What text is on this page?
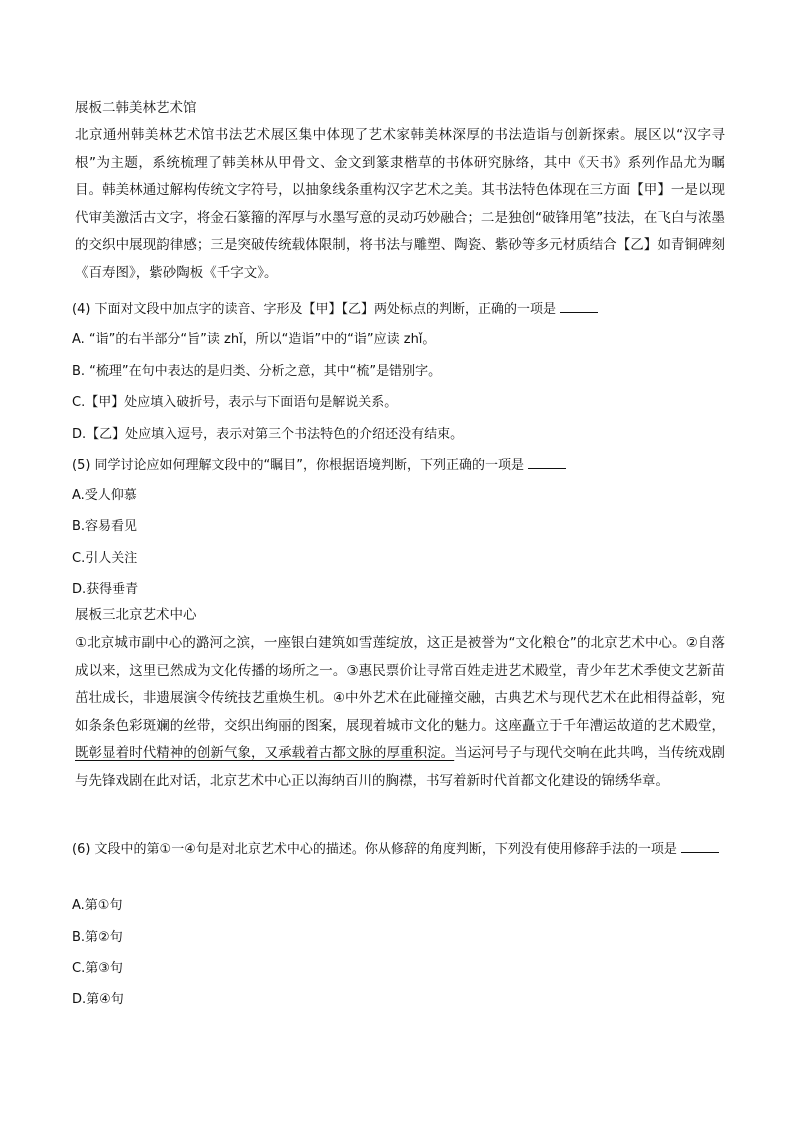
展板二韩美林艺术馆
北京通州韩美林艺术馆书法艺术展区集中体现了艺术家韩美林深厚的书法造诣与创新探索。展区以“汉字寻根”为主题，系统梳理了韩美林从甲骨文、金文到篆隶楷草的书体研究脉络，其中《天书》系列作品尤为瞩目。韩美林通过解构传统文字符号，以抽象线条重构汉字艺术之美。其书法特色体现在三方面【甲】一是以现代审美激活古文字，将金石篆籀的浑厚与水墨写意的灵动巧妙融合；二是独创“破锋用笔”技法，在飞白与浓墨的交织中展现韵律感；三是突破传统载体限制，将书法与雕塑、陶瓷、紫砂等多元材质结合【乙】如青铜碑刻《百寿图》，紫砂陶板《千字文》。
(4) 下面对文段中加点字的读音、字形及【甲】【乙】两处标点的判断，正确的一项是
A. “诣”的右半部分“旨”读 zhǐ，所以“造诣”中的“诣”应读 zhǐ。
B. “梳理”在句中表达的是归类、分析之意，其中“梳”是错别字。
C.【甲】处应填入破折号，表示与下面语句是解说关系。
D.【乙】处应填入逗号，表示对第三个书法特色的介绍还没有结束。
(5) 同学讨论应如何理解文段中的“瞩目”，你根据语境判断，下列正确的一项是
A.受人仰慕
B.容易看见
C.引人关注
D.获得垂青
展板三北京艺术中心
①北京城市副中心的潞河之滨，一座银白建筑如雪莲绽放，这正是被誉为“文化粮仓”的北京艺术中心。②自落成以来，这里已然成为文化传播的场所之一。③惠民票价让寻常百姓走进艺术殿堂，青少年艺术季使文艺新苗茁壮成长，非遗展演令传统技艺重焕生机。④中外艺术在此碰撞交融，古典艺术与现代艺术在此相得益彰，宛如条条色彩斑斓的丝带，交织出绚丽的图案，展现着城市文化的魅力。这座矗立于千年漕运故道的艺术殿堂，既彰显着时代精神的创新气象，又承载着古都文脉的厚重积淀。当运河号子与现代交响在此共鸣，当传统戏剧与先锋戏剧在此对话，北京艺术中心正以海纳百川的胸襟，书写着新时代首都文化建设的锦绣华章。
(6) 文段中的第①一④句是对北京艺术中心的描述。你从修辞的角度判断，下列没有使用修辞手法的一项是
A.第①句
B.第②句
C.第③句
D.第④句
